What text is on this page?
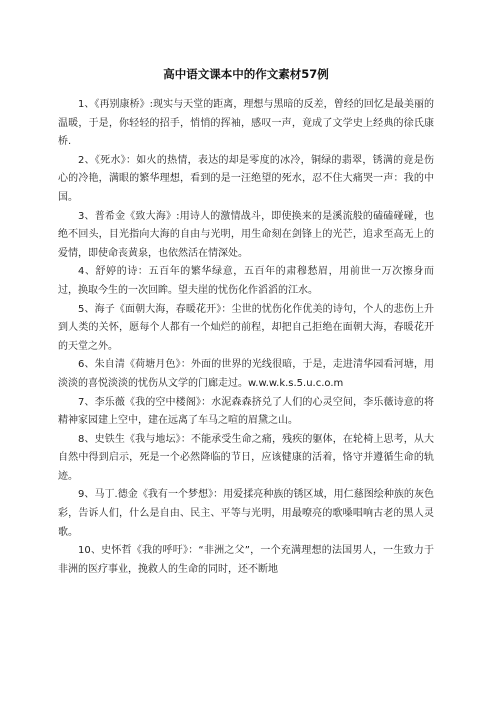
高中语文课本中的作文素材57例

1、《再别康桥》:现实与天堂的距离，理想与黑暗的反差，曾经的回忆是最美丽的温暖，于是，你轻轻的招手，悄悄的挥袖，感叹一声，竟成了文学史上经典的徐氏康桥.

2、《死水》：如火的热情，表达的却是零度的冰冷，铜绿的翡翠，锈满的竟是伤心的冷艳，满眼的繁华理想，看到的是一汪绝望的死水，忍不住大痛哭一声：我的中国。

3、普希金《致大海》:用诗人的激情战斗，即使换来的是溪流般的磕磕碰碰，也绝不回头，目光指向大海的自由与光明，用生命刻在剑锋上的光芒，追求至高无上的爱情，即使命丧黄泉，也依然活在情深处。

4、舒婷的诗：五百年的繁华绿意，五百年的肃穆愁眉，用前世一万次擦身而过，换取今生的一次回眸。望夫崖的忧伤化作滔滔的江水。

5、海子《面朝大海，春暖花开》：尘世的忧伤化作优美的诗句，个人的悲伤上升到人类的关怀，愿每个人都有一个灿烂的前程，却把自己拒绝在面朝大海，春暖花开的天堂之外。

6、朱自清《荷塘月色》：外面的世界的光线很暗，于是，走进清华园看河塘，用淡淡的喜悦淡淡的忧伤从文学的门廊走过。w.w.w.k.s.5.u.c.o.m

7、李乐薇《我的空中楼阁》：水泥森森挤兑了人们的心灵空间，李乐薇诗意的将精神家园建上空中，建在远离了车马之喧的眉黛之山。

8、史铁生《我与地坛》：不能承受生命之痛，残疾的躯体，在轮椅上思考，从大自然中得到启示，死是一个必然降临的节日，应该健康的活着，恪守并遵循生命的轨迹。

9、马丁.德金《我有一个梦想》：用爱揉亮种族的锈区域，用仁慈图绘种族的灰色彩，告诉人们，什么是自由、民主、平等与光明，用最嘹亮的歌嗓唱响古老的黑人灵歌。

10、史怀哲《我的呼吁》：“非洲之父”，一个充满理想的法国男人，一生致力于非洲的医疗事业，挽救人的生命的同时，还不断地
